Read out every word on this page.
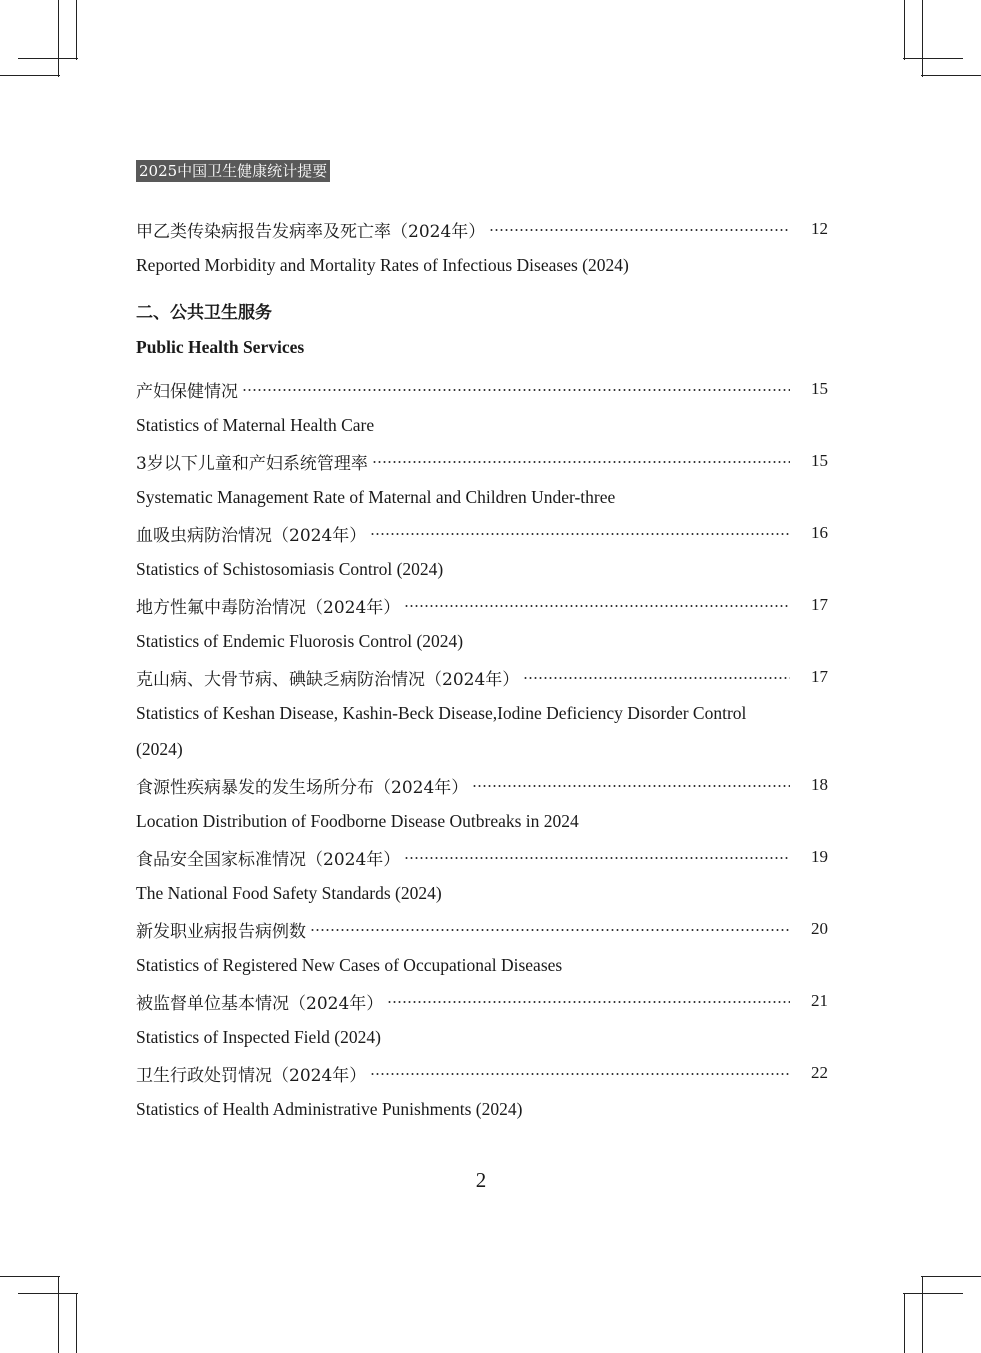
2025中国卫生健康统计提要
甲乙类传染病报告发病率及死亡率（2024年）	12
Reported Morbidity and Mortality Rates of Infectious Diseases (2024)
二、公共卫生服务
Public Health Services
产妇保健情况	15
Statistics of Maternal Health Care
3岁以下儿童和产妇系统管理率	15
Systematic Management Rate of Maternal and Children Under-three
血吸虫病防治情况（2024年）	16
Statistics of Schistosomiasis Control (2024)
地方性氟中毒防治情况（2024年）	17
Statistics of Endemic Fluorosis Control (2024)
克山病、大骨节病、碘缺乏病防治情况（2024年）	17
Statistics of Keshan Disease, Kashin-Beck Disease,Iodine Deficiency Disorder Control
(2024)
食源性疾病暴发的发生场所分布（2024年）	18
Location Distribution of Foodborne Disease Outbreaks in 2024
食品安全国家标准情况（2024年）	19
The National Food Safety Standards (2024)
新发职业病报告病例数	20
Statistics of Registered New Cases of Occupational Diseases
被监督单位基本情况（2024年）	21
Statistics of Inspected Field (2024)
卫生行政处罚情况（2024年）	22
Statistics of Health Administrative Punishments (2024)
2
